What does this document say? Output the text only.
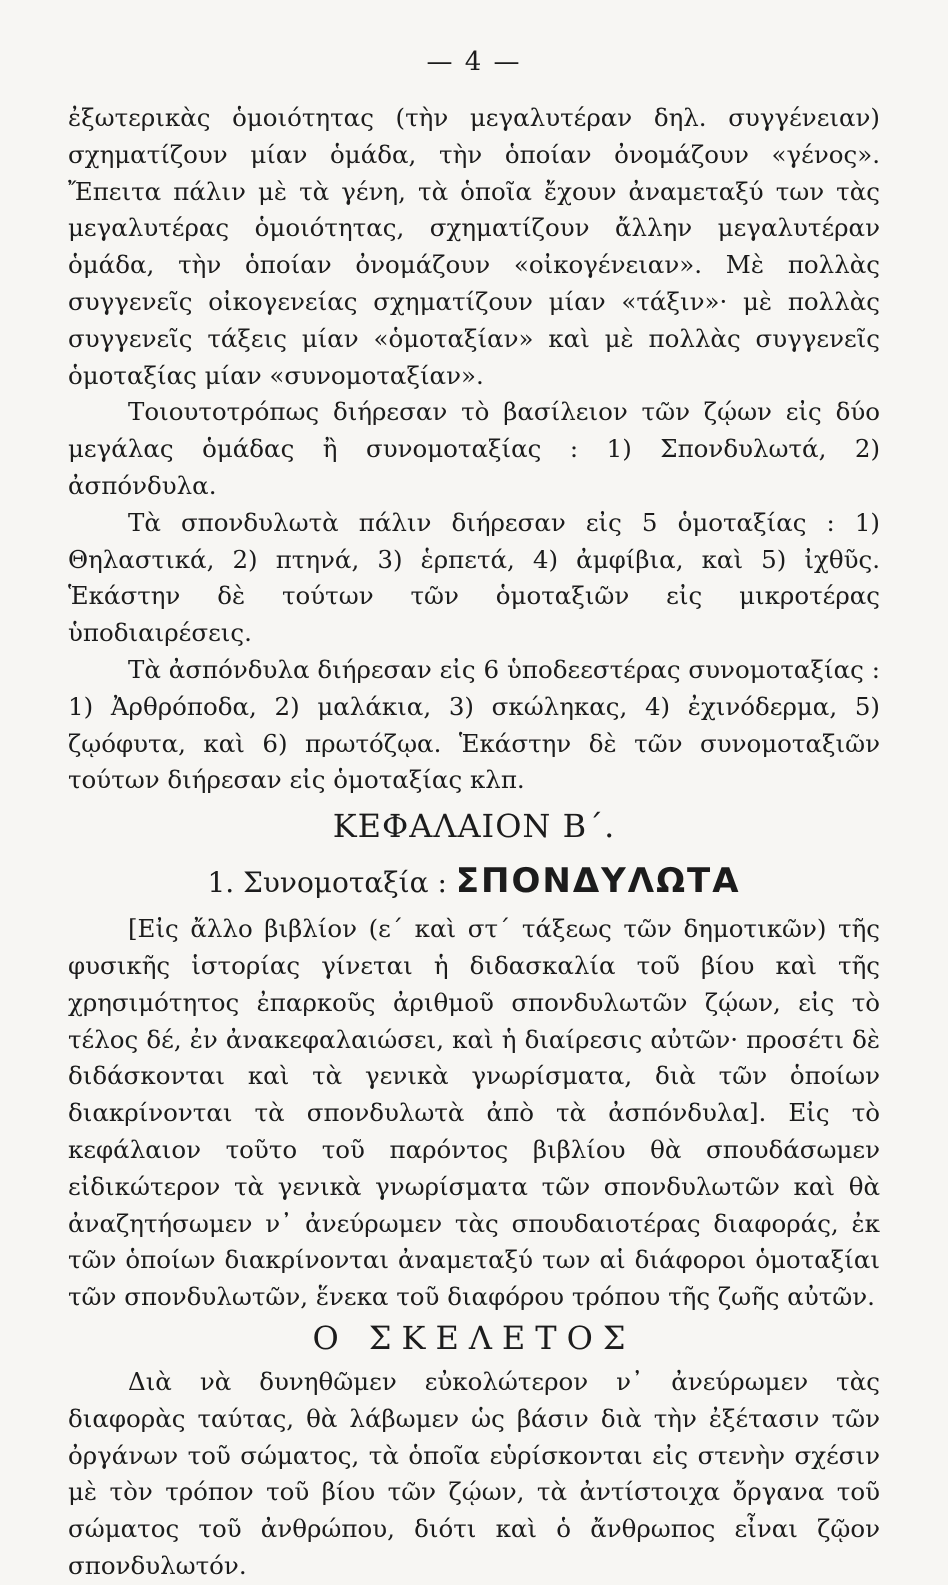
— 4 —

ἐξωτερικὰς ὁμοιότητας (τὴν μεγαλυτέραν δηλ. συγγένειαν) σχηματίζουν μίαν ὁμάδα, τὴν ὁποίαν ὀνομάζουν «γένος». Ἔπειτα πάλιν μὲ τὰ γένη, τὰ ὁποῖα ἔχουν ἀναμεταξύ των τὰς μεγαλυτέρας ὁμοιότητας, σχηματίζουν ἄλλην μεγαλυτέραν ὁμάδα, τὴν ὁποίαν ὀνομάζουν «οἰκογένειαν». Μὲ πολλὰς συγγενεῖς οἰκογενείας σχηματίζουν μίαν «τάξιν»· μὲ πολλὰς συγγενεῖς τάξεις μίαν «ὁμοταξίαν» καὶ μὲ πολλὰς συγγενεῖς ὁμοταξίας μίαν «συνομοταξίαν».

Τοιουτοτρόπως διήρεσαν τὸ βασίλειον τῶν ζῴων εἰς δύο μεγάλας ὁμάδας ἢ συνομοταξίας : 1) Σπονδυλωτά, 2) ἀσπόνδυλα.

Τὰ σπονδυλωτὰ πάλιν διήρεσαν εἰς 5 ὁμοταξίας : 1) Θηλαστικά, 2) πτηνά, 3) ἑρπετά, 4) ἀμφίβια, καὶ 5) ἰχθῦς. Ἑκάστην δὲ τούτων τῶν ὁμοταξιῶν εἰς μικροτέρας ὑποδιαιρέσεις.

Τὰ ἀσπόνδυλα διήρεσαν εἰς 6 ὑποδεεστέρας συνομοταξίας : 1) Ἀρθρόποδα, 2) μαλάκια, 3) σκώληκας, 4) ἐχινόδερμα, 5) ζῳόφυτα, καὶ 6) πρωτόζῳα. Ἑκάστην δὲ τῶν συνομοταξιῶν τούτων διήρεσαν εἰς ὁμοταξίας κλπ.

ΚΕΦΑΛΑΙΟΝ Β΄.
1. Συνομοταξία : ΣΠΟΝΔΥΛΩΤΑ

[Εἰς ἄλλο βιβλίον (ε΄ καὶ στ΄ τάξεως τῶν δημοτικῶν) τῆς φυσικῆς ἱστορίας γίνεται ἡ διδασκαλία τοῦ βίου καὶ τῆς χρησιμότητος ἐπαρκοῦς ἀριθμοῦ σπονδυλωτῶν ζῴων, εἰς τὸ τέλος δέ, ἐν ἀνακεφαλαιώσει, καὶ ἡ διαίρεσις αὐτῶν· προσέτι δὲ διδάσκονται καὶ τὰ γενικὰ γνωρίσματα, διὰ τῶν ὁποίων διακρίνονται τὰ σπονδυλωτὰ ἀπὸ τὰ ἀσπόνδυλα]. Εἰς τὸ κεφάλαιον τοῦτο τοῦ παρόντος βιβλίου θὰ σπουδάσωμεν εἰδικώτερον τὰ γενικὰ γνωρίσματα τῶν σπονδυλωτῶν καὶ θὰ ἀναζητήσωμεν ν᾽ ἀνεύρωμεν τὰς σπουδαιοτέρας διαφοράς, ἐκ τῶν ὁποίων διακρίνονται ἀναμεταξύ των αἱ διάφοροι ὁμοταξίαι τῶν σπονδυλωτῶν, ἕνεκα τοῦ διαφόρου τρόπου τῆς ζωῆς αὐτῶν.

Ο ΣΚΕΛΕΤΟΣ

Διὰ νὰ δυνηθῶμεν εὐκολώτερον ν᾽ ἀνεύρωμεν τὰς διαφορὰς ταύτας, θὰ λάβωμεν ὡς βάσιν διὰ τὴν ἐξέτασιν τῶν ὀργάνων τοῦ σώματος, τὰ ὁποῖα εὑρίσκονται εἰς στενὴν σχέσιν μὲ τὸν τρόπον τοῦ βίου τῶν ζῴων, τὰ ἀντίστοιχα ὄργανα τοῦ σώματος τοῦ ἀνθρώπου, διότι καὶ ὁ ἄνθρωπος εἶναι ζῷον σπονδυλωτόν.
